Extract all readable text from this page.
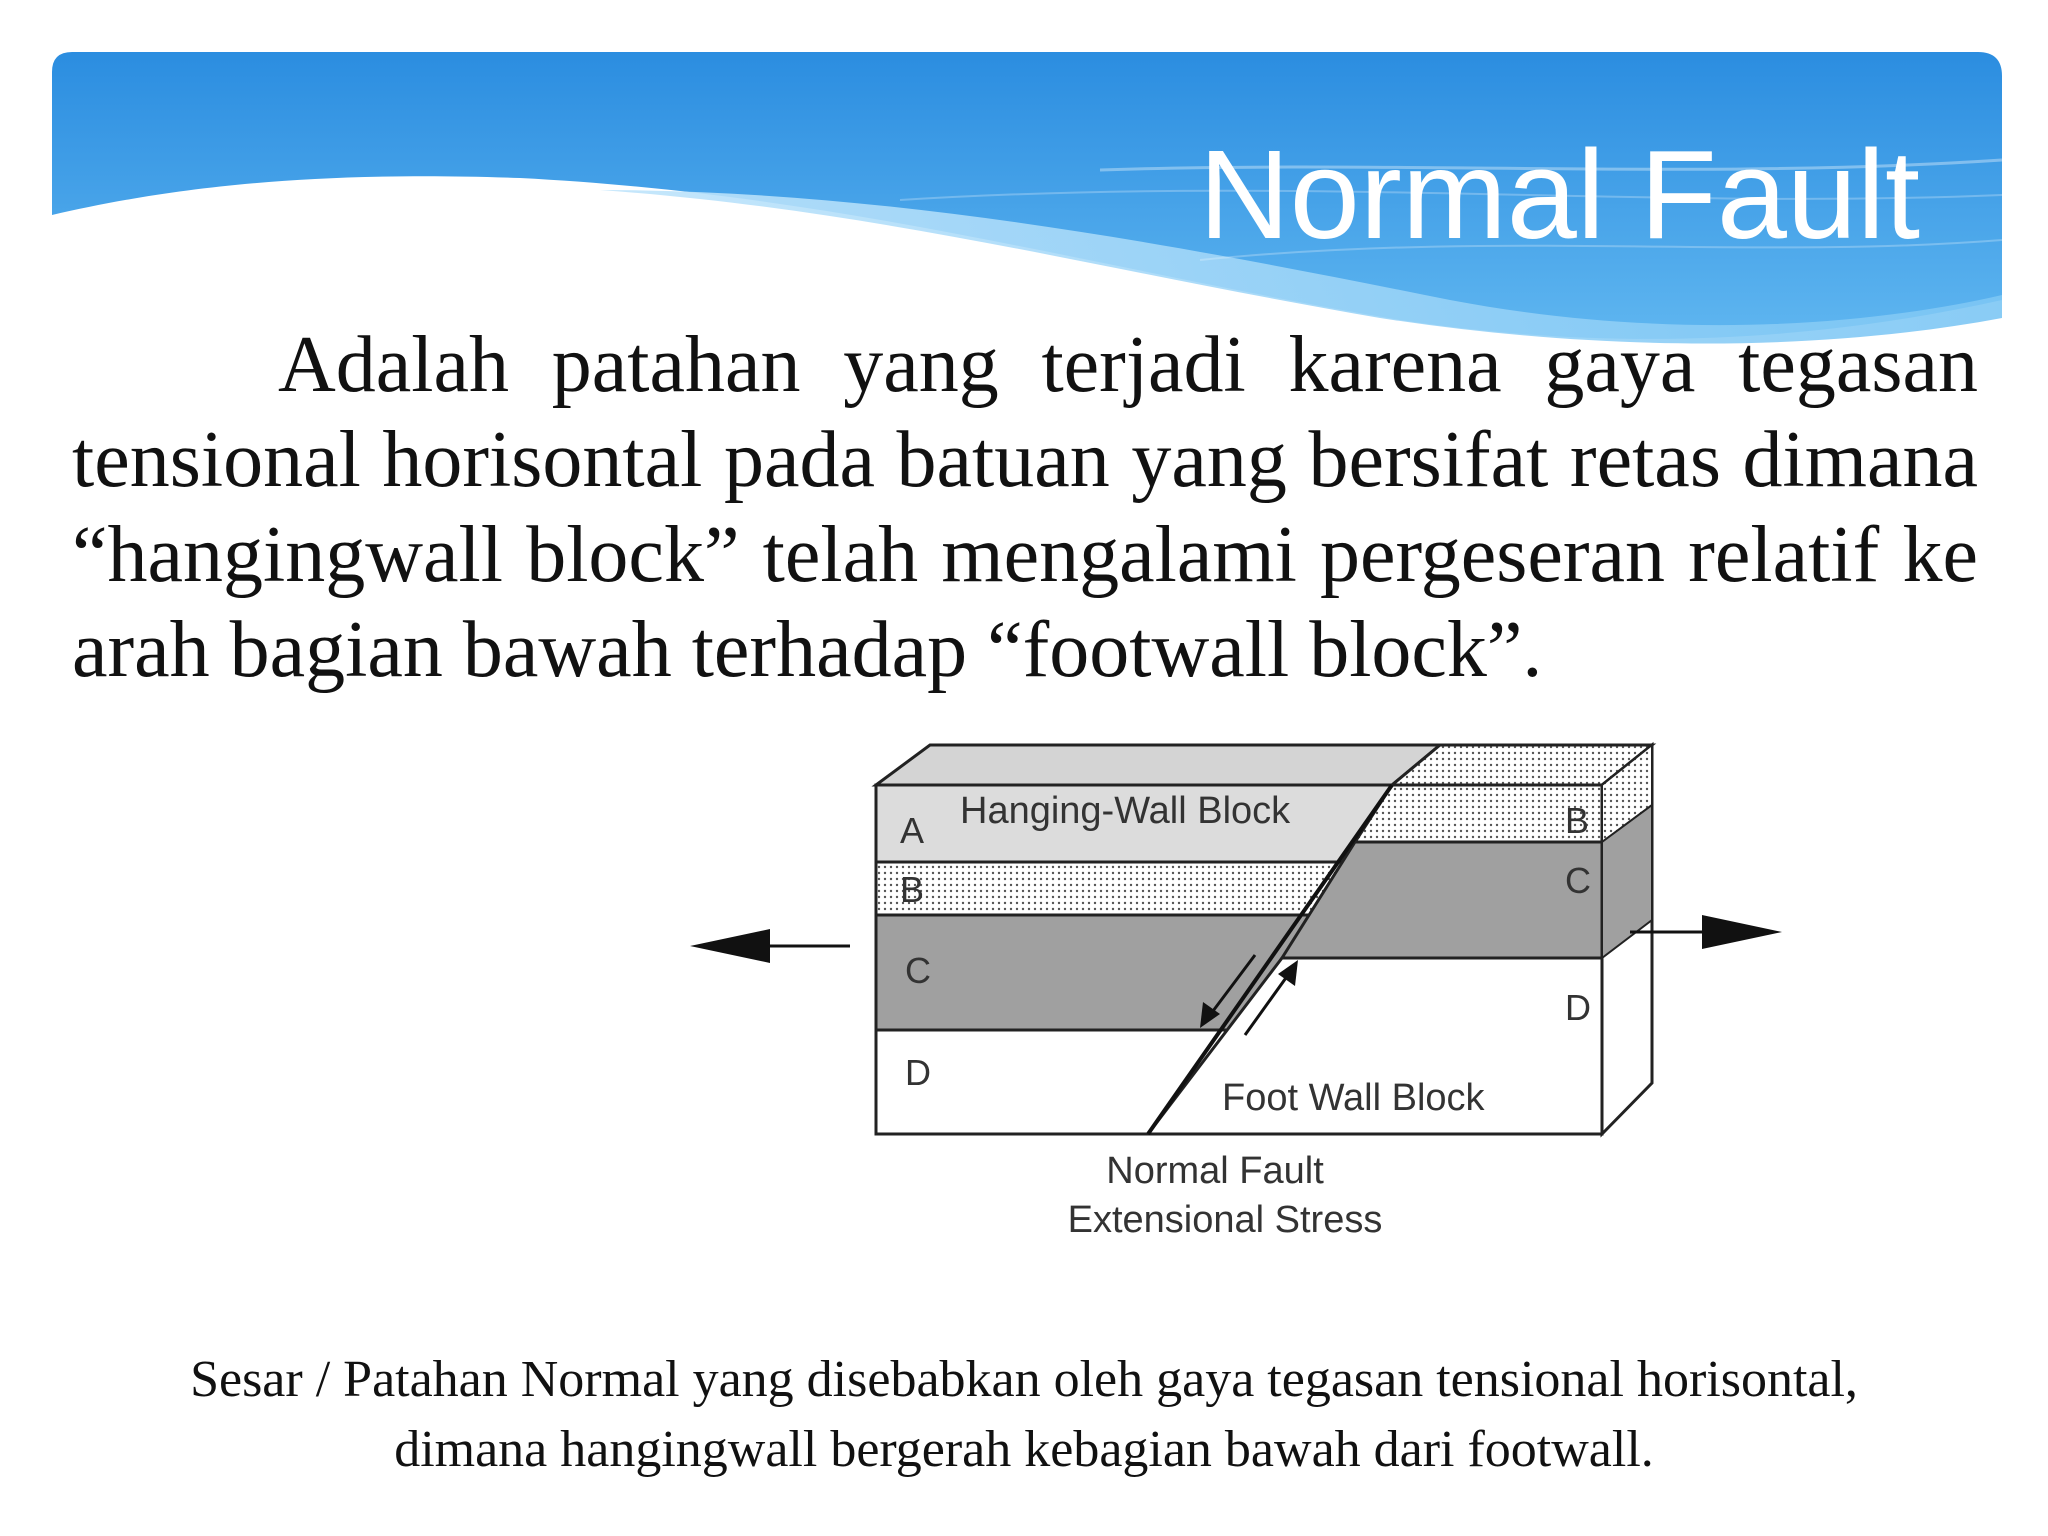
Normal Fault

Adalah patahan yang terjadi karena gaya tegasan tensional horisontal pada batuan yang bersifat retas dimana “hangingwall block” telah mengalami pergeseran relatif ke arah bagian bawah terhadap “footwall block”.

Hanging-Wall Block
A
B
C
D
B
C
D
Foot Wall Block
Normal Fault
Extensional Stress
Sesar / Patahan Normal yang disebabkan oleh gaya tegasan tensional horisontal,
dimana hangingwall bergerah kebagian bawah dari footwall.
